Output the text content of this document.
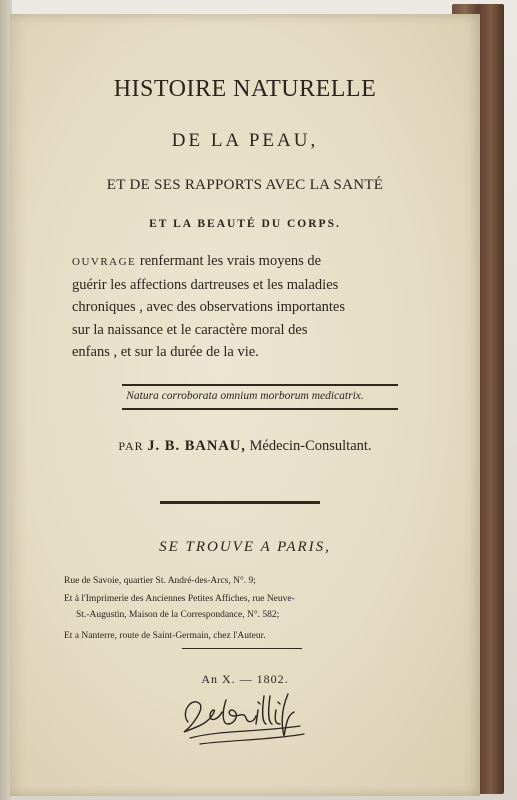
HISTOIRE NATURELLE
DE LA PEAU,
ET DE SES RAPPORTS AVEC LA SANTÉ
ET LA BEAUTÉ DU CORPS.
OUVRAGE renfermant les vrais moyens de
guérir les affections dartreuses et les maladies
chroniques , avec des observations importantes
sur la naissance et le caractère moral des
enfans , et sur la durée de la vie.
Natura corroborata omnium morborum medicatrix.
PAR J. B. BANAU, Médecin-Consultant.
SE TROUVE A PARIS,
Rue de Savoie, quartier St. André-des-Arcs, N°. 9;
Et à l'Imprimerie des Anciennes Petites Affiches, rue Neuve-
St.-Augustin, Maison de la Correspondance, N°. 582;
Et a Nanterre, route de Saint-Germain, chez l'Auteur.
An X. — 1802.
